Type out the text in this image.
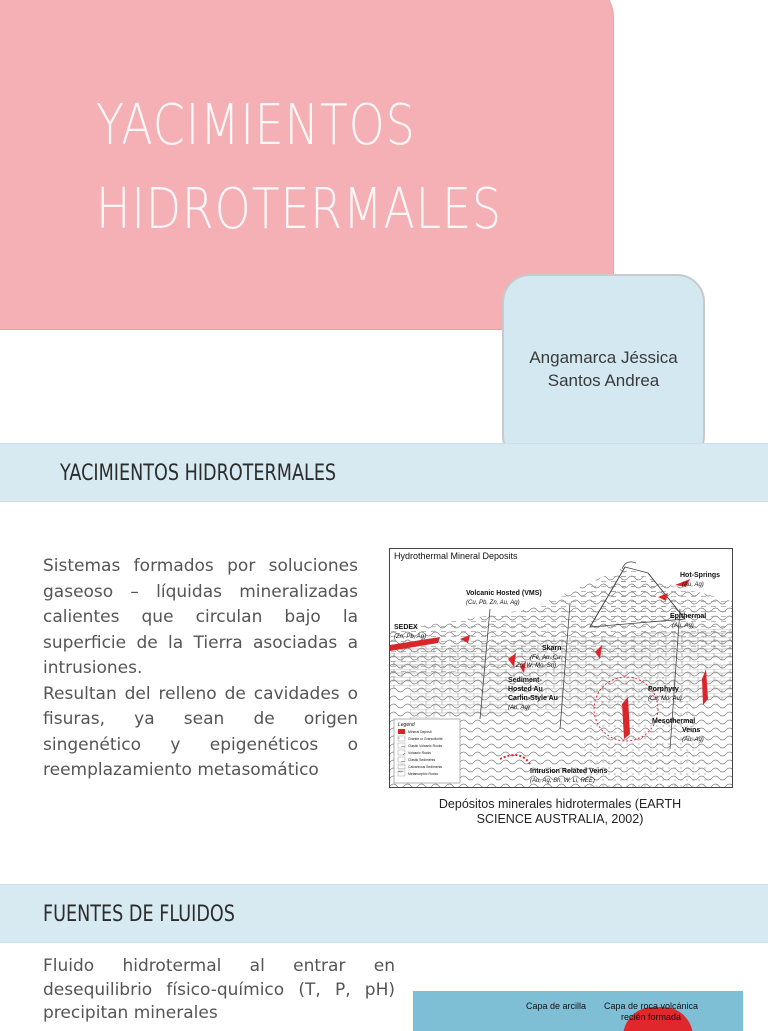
YACIMIENTOS
HIDROTERMALES
Angamarca Jéssica
Santos Andrea
YACIMIENTOS HIDROTERMALES

Sistemas formados por soluciones gaseoso – líquidas mineralizadas calientes que circulan bajo la superficie de la Tierra asociadas a intrusiones.

Resultan del relleno de cavidades o fisuras, ya sean de origen singenético y epigenéticos o reemplazamiento metasomático

Hydrothermal Mineral Deposits
Volcanic Hosted (VMS)
(Cu, Pb, Zn, Au, Ag)
Hot-Springs
(Au, Ag)
Epithermal
(Au, Ag)
SEDEX
(Zn, Pb, Ag)
Skarn
(Fe, Au, Cu,
Zn, W, Mo, Sn)
Sediment-
Hosted Au
Carlin-Style Au
(Au, Ag)
Porphyry
(Cu, Mo, Au)
Mesothermal
Veins
(Au, Ag)
Intrusion Related Veins
(Au, Ag, Sn, W, Li, REE)
Legend
Mineral Deposit
Granite or Granodiorite
Clastic Volcanic Rocks
Volcanic Rocks
Clastic Sediments
Calcareous Sediments
Metamorphic Rocks
Depósitos minerales hidrotermales (EARTH SCIENCE AUSTRALIA, 2002)
FUENTES DE FLUIDOS

Fluido hidrotermal al entrar en desequilibrio físico-químico (T, P, pH) precipitan minerales	Capa de arcilla	Capa de roca volcánica recién formada
